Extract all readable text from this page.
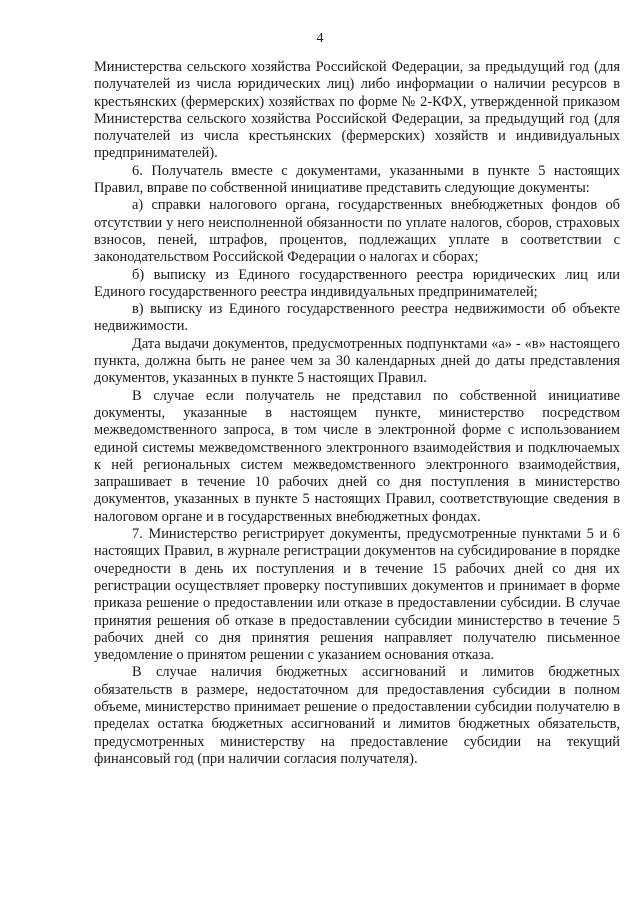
4

Министерства сельского хозяйства Российской Федерации, за предыдущий год (для получателей из числа юридических лиц) либо информации о наличии ресурсов в крестьянских (фермерских) хозяйствах по форме № 2-КФХ, утвержденной приказом Министерства сельского хозяйства Российской Федерации, за предыдущий год (для получателей из числа крестьянских (фермерских) хозяйств и индивидуальных предпринимателей).

6. Получатель вместе с документами, указанными в пункте 5 настоящих Правил, вправе по собственной инициативе представить следующие документы:

а) справки налогового органа, государственных внебюджетных фондов об отсутствии у него неисполненной обязанности по уплате налогов, сборов, страховых взносов, пеней, штрафов, процентов, подлежащих уплате в соответствии с законодательством Российской Федерации о налогах и сборах;

б) выписку из Единого государственного реестра юридических лиц или Единого государственного реестра индивидуальных предпринимателей;

в) выписку из Единого государственного реестра недвижимости об объекте недвижимости.

Дата выдачи документов, предусмотренных подпунктами «а» - «в» настоящего пункта, должна быть не ранее чем за 30 календарных дней до даты представления документов, указанных в пункте 5 настоящих Правил.

В случае если получатель не представил по собственной инициативе документы, указанные в настоящем пункте, министерство посредством межведомственного запроса, в том числе в электронной форме с использованием единой системы межведомственного электронного взаимодействия и подключаемых к ней региональных систем межведомственного электронного взаимодействия, запрашивает в течение 10 рабочих дней со дня поступления в министерство документов, указанных в пункте 5 настоящих Правил, соответствующие сведения в налоговом органе и в государственных внебюджетных фондах.

7. Министерство регистрирует документы, предусмотренные пунктами 5 и 6 настоящих Правил, в журнале регистрации документов на субсидирование в порядке очередности в день их поступления и в течение 15 рабочих дней со дня их регистрации осуществляет проверку поступивших документов и принимает в форме приказа решение о предоставлении или отказе в предоставлении субсидии. В случае принятия решения об отказе в предоставлении субсидии министерство в течение 5 рабочих дней со дня принятия решения направляет получателю письменное уведомление о принятом решении с указанием основания отказа.

В случае наличия бюджетных ассигнований и лимитов бюджетных обязательств в размере, недостаточном для предоставления субсидии в полном объеме, министерство принимает решение о предоставлении субсидии получателю в пределах остатка бюджетных ассигнований и лимитов бюджетных обязательств, предусмотренных министерству на предоставление субсидии на текущий финансовый год (при наличии согласия получателя).
